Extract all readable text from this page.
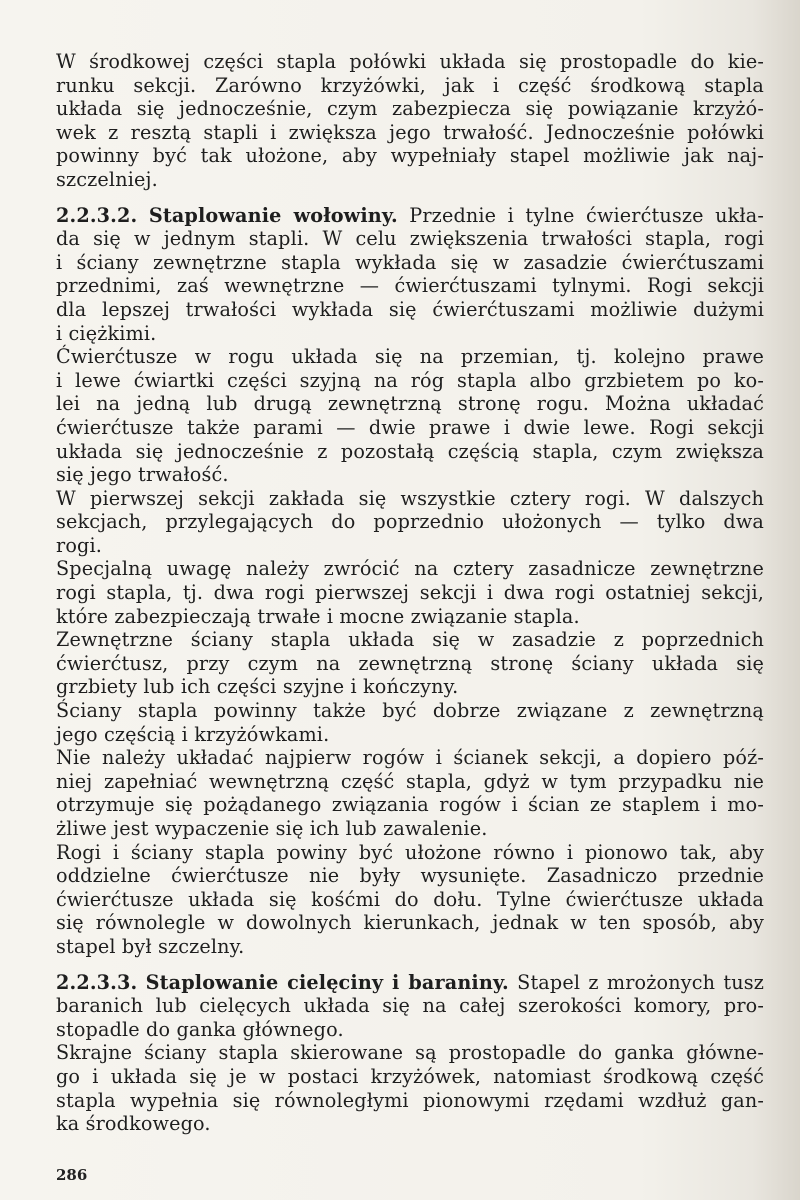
W środkowej części stapla połówki układa się prostopadle do kie-
runku sekcji. Zarówno krzyżówki, jak i część środkową stapla
układa się jednocześnie, czym zabezpiecza się powiązanie krzyżó-
wek z resztą stapli i zwiększa jego trwałość. Jednocześnie połówki
powinny być tak ułożone, aby wypełniały stapel możliwie jak naj-
szczelniej.
2.2.3.2. Staplowanie wołowiny. Przednie i tylne ćwierćtusze ukła-
da się w jednym stapli. W celu zwiększenia trwałości stapla, rogi
i ściany zewnętrzne stapla wykłada się w zasadzie ćwierćtuszami
przednimi, zaś wewnętrzne — ćwierćtuszami tylnymi. Rogi sekcji
dla lepszej trwałości wykłada się ćwierćtuszami możliwie dużymi
i ciężkimi.
Ćwierćtusze w rogu układa się na przemian, tj. kolejno prawe
i lewe ćwiartki części szyjną na róg stapla albo grzbietem po ko-
lei na jedną lub drugą zewnętrzną stronę rogu. Można układać
ćwierćtusze także parami — dwie prawe i dwie lewe. Rogi sekcji
układa się jednocześnie z pozostałą częścią stapla, czym zwiększa
się jego trwałość.
W pierwszej sekcji zakłada się wszystkie cztery rogi. W dalszych
sekcjach, przylegających do poprzednio ułożonych — tylko dwa
rogi.
Specjalną uwagę należy zwrócić na cztery zasadnicze zewnętrzne
rogi stapla, tj. dwa rogi pierwszej sekcji i dwa rogi ostatniej sekcji,
które zabezpieczają trwałe i mocne związanie stapla.
Zewnętrzne ściany stapla układa się w zasadzie z poprzednich
ćwierćtusz, przy czym na zewnętrzną stronę ściany układa się
grzbiety lub ich części szyjne i kończyny.
Ściany stapla powinny także być dobrze związane z zewnętrzną
jego częścią i krzyżówkami.
Nie należy układać najpierw rogów i ścianek sekcji, a dopiero póź-
niej zapełniać wewnętrzną część stapla, gdyż w tym przypadku nie
otrzymuje się pożądanego związania rogów i ścian ze staplem i mo-
żliwe jest wypaczenie się ich lub zawalenie.
Rogi i ściany stapla powiny być ułożone równo i pionowo tak, aby
oddzielne ćwierćtusze nie były wysunięte. Zasadniczo przednie
ćwierćtusze układa się kośćmi do dołu. Tylne ćwierćtusze układa
się równolegle w dowolnych kierunkach, jednak w ten sposób, aby
stapel był szczelny.
2.2.3.3. Staplowanie cielęciny i baraniny. Stapel z mrożonych tusz
baranich lub cielęcych układa się na całej szerokości komory, pro-
stopadle do ganka głównego.
Skrajne ściany stapla skierowane są prostopadle do ganka główne-
go i układa się je w postaci krzyżówek, natomiast środkową część
stapla wypełnia się równoległymi pionowymi rzędami wzdłuż gan-
ka środkowego.
286
